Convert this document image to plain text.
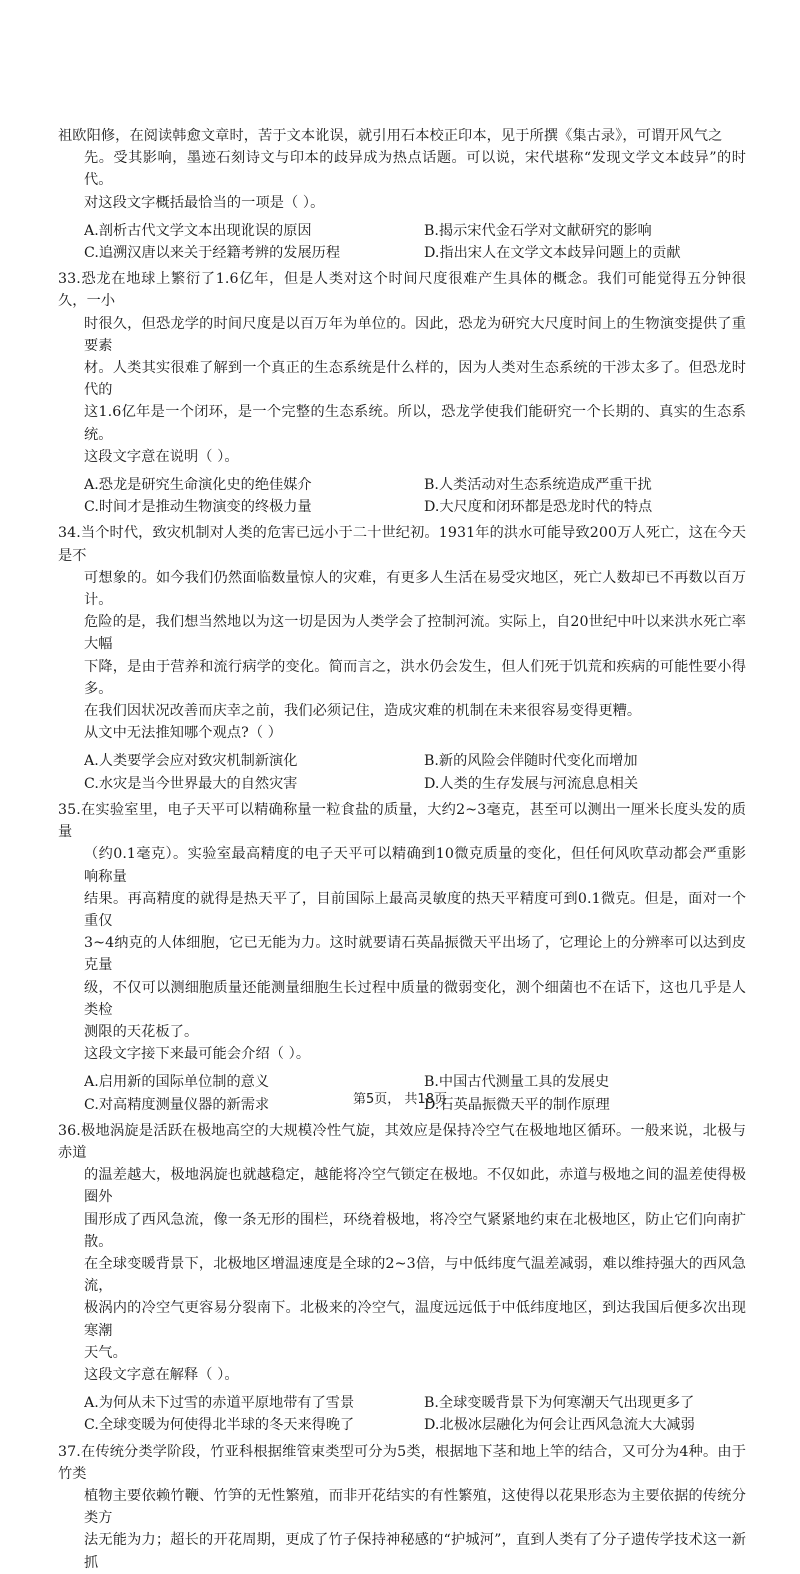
祖欧阳修，在阅读韩愈文章时，苦于文本讹误，就引用石本校正印本，见于所撰《集古录》，可谓开风气之

先。受其影响，墨迹石刻诗文与印本的歧异成为热点话题。可以说，宋代堪称“发现文学文本歧异”的时代。

对这段文字概括最恰当的一项是（ ）。

A.剖析古代文学文本出现讹误的原因	B.揭示宋代金石学对文献研究的影响
C.追溯汉唐以来关于经籍考辨的发展历程	D.指出宋人在文学文本歧异问题上的贡献

33.恐龙在地球上繁衍了1.6亿年，但是人类对这个时间尺度很难产生具体的概念。我们可能觉得五分钟很久，一小

时很久，但恐龙学的时间尺度是以百万年为单位的。因此，恐龙为研究大尺度时间上的生物演变提供了重要素

材。人类其实很难了解到一个真正的生态系统是什么样的，因为人类对生态系统的干涉太多了。但恐龙时代的

这1.6亿年是一个闭环，是一个完整的生态系统。所以，恐龙学使我们能研究一个长期的、真实的生态系统。

这段文字意在说明（ ）。

A.恐龙是研究生命演化史的绝佳媒介	B.人类活动对生态系统造成严重干扰
C.时间才是推动生物演变的终极力量	D.大尺度和闭环都是恐龙时代的特点

34.当个时代，致灾机制对人类的危害已远小于二十世纪初。1931年的洪水可能导致200万人死亡，这在今天是不

可想象的。如今我们仍然面临数量惊人的灾难，有更多人生活在易受灾地区，死亡人数却已不再数以百万计。

危险的是，我们想当然地以为这一切是因为人类学会了控制河流。实际上，自20世纪中叶以来洪水死亡率大幅

下降，是由于营养和流行病学的变化。简而言之，洪水仍会发生，但人们死于饥荒和疾病的可能性要小得多。

在我们因状况改善而庆幸之前，我们必须记住，造成灾难的机制在未来很容易变得更糟。

从文中无法推知哪个观点?（ ）

A.人类要学会应对致灾机制新演化	B.新的风险会伴随时代变化而增加
C.水灾是当今世界最大的自然灾害	D.人类的生存发展与河流息息相关

35.在实验室里，电子天平可以精确称量一粒食盐的质量，大约2~3毫克，甚至可以测出一厘米长度头发的质量

（约0.1毫克）。实验室最高精度的电子天平可以精确到10微克质量的变化，但任何风吹草动都会严重影响称量

结果。再高精度的就得是热天平了，目前国际上最高灵敏度的热天平精度可到0.1微克。但是，面对一个重仅

3~4纳克的人体细胞，它已无能为力。这时就要请石英晶振微天平出场了，它理论上的分辨率可以达到皮克量

级，不仅可以测细胞质量还能测量细胞生长过程中质量的微弱变化，测个细菌也不在话下，这也几乎是人类检

测限的天花板了。

这段文字接下来最可能会介绍（ ）。

A.启用新的国际单位制的意义	B.中国古代测量工具的发展史
C.对高精度测量仪器的新需求	D.石英晶振微天平的制作原理

36.极地涡旋是活跃在极地高空的大规模冷性气旋，其效应是保持冷空气在极地地区循环。一般来说，北极与赤道

的温差越大，极地涡旋也就越稳定，越能将冷空气锁定在极地。不仅如此，赤道与极地之间的温差使得极圈外

围形成了西风急流，像一条无形的围栏，环绕着极地，将冷空气紧紧地约束在北极地区，防止它们向南扩散。

在全球变暖背景下，北极地区增温速度是全球的2~3倍，与中低纬度气温差减弱，难以维持强大的西风急流，

极涡内的冷空气更容易分裂南下。北极来的冷空气，温度远远低于中低纬度地区，到达我国后便多次出现寒潮

天气。

这段文字意在解释（ ）。

A.为何从未下过雪的赤道平原地带有了雪景	B.全球变暖背景下为何寒潮天气出现更多了
C.全球变暖为何使得北半球的冬天来得晚了	D.北极冰层融化为何会让西风急流大大减弱

37.在传统分类学阶段，竹亚科根据维管束类型可分为5类，根据地下茎和地上竿的结合，又可分为4种。由于竹类

植物主要依赖竹鞭、竹笋的无性繁殖，而非开花结实的有性繁殖，这使得以花果形态为主要依据的传统分类方

法无能为力；超长的开花周期，更成了竹子保持神秘感的“护城河”，直到人类有了分子遗传学技术这一新抓

第5页， 共18页
